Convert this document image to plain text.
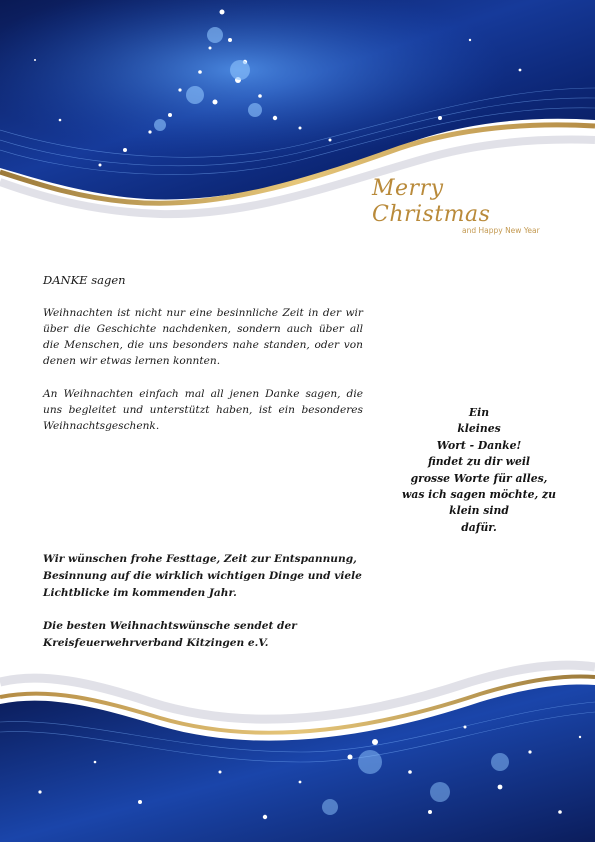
Merry Christmas
and Happy New Year
DANKE sagen
Weihnachten ist nicht nur eine besinnliche Zeit in der wir über die Geschichte nachdenken, sondern auch über all die Menschen, die uns besonders nahe standen, oder von denen wir etwas lernen konnten.
An Weihnachten einfach mal all jenen Danke sagen, die uns begleitet und unterstützt haben, ist ein besonderes Weihnachtsgeschenk.
Wir wünschen frohe Festtage, Zeit zur Entspannung, Besinnung auf die wirklich wichtigen Dinge und viele Lichtblicke im kommenden Jahr.
Die besten Weihnachtswünsche sendet der Kreisfeuerwehrverband Kitzingen e.V.
Ein
kleines
Wort - Danke!
findet zu dir weil
grosse Worte für alles,
was ich sagen möchte, zu
klein sind
dafür.
